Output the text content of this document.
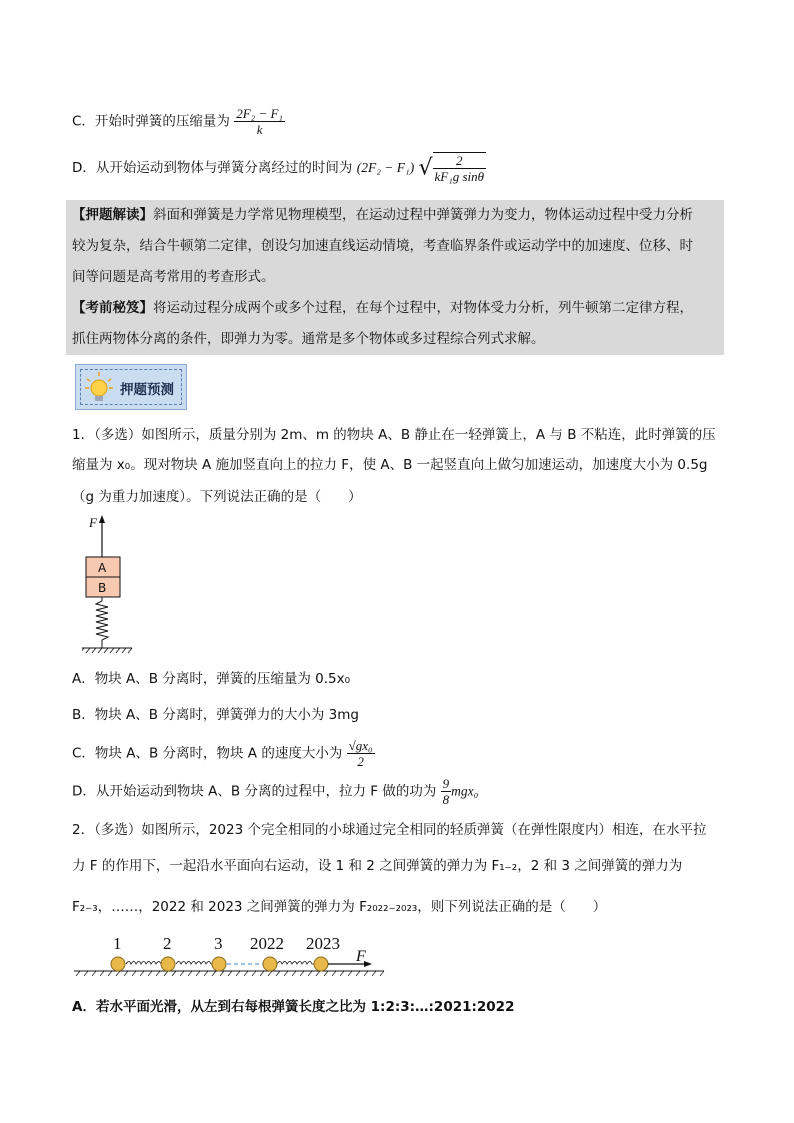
C．开始时弹簧的压缩量为 $\frac{\text{2F₂ − F₁}}{k}$
D．从开始运动到物体与弹簧分离经过的时间为 (2F₂ − F₁) √ $\frac{2}{\text{kF₁g sinθ}}$

【押题解读】斜面和弹簧是力学常见物理模型，在运动过程中弹簧弹力为变力，物体运动过程中受力分析

较为复杂，结合牛顿第二定律，创设匀加速直线运动情境，考查临界条件或运动学中的加速度、位移、时

间等问题是高考常用的考查形式。

【考前秘笈】将运动过程分成两个或多个过程，在每个过程中，对物体受力分析，列牛顿第二定律方程，

抓住两物体分离的条件，即弹力为零。通常是多个物体或多过程综合列式求解。

押题预测
1．（多选）如图所示，质量分别为 2m、m 的物块 A、B 静止在一轻弹簧上，A 与 B 不粘连，此时弹簧的压
缩量为 x₀。现对物块 A 施加竖直向上的拉力 F，使 A、B 一起竖直向上做匀加速运动，加速度大小为 0.5g
（g 为重力加速度）。下列说法正确的是（　　）
F
A
B
A．物块 A、B 分离时，弹簧的压缩量为 0.5x₀
B．物块 A、B 分离时，弹簧弹力的大小为 3mg
C．物块 A、B 分离时，物块 A 的速度大小为 $\frac{\text{√gx₀}}{2}$
D．从开始运动到物块 A、B 分离的过程中，拉力 F 做的功为 $\frac{9}{8} mgx_0$
2．（多选）如图所示，2023 个完全相同的小球通过完全相同的轻质弹簧（在弹性限度内）相连，在水平拉
力 F 的作用下，一起沿水平面向右运动，设 1 和 2 之间弹簧的弹力为 F₁₋₂，2 和 3 之间弹簧的弹力为
F₂₋₃，……，2022 和 2023 之间弹簧的弹力为 F₂₀₂₂₋₂₀₂₃，则下列说法正确的是（　　）
1 2	3 2022 2023
F
A．若水平面光滑，从左到右每根弹簧长度之比为 1:2:3:…:2021:2022
